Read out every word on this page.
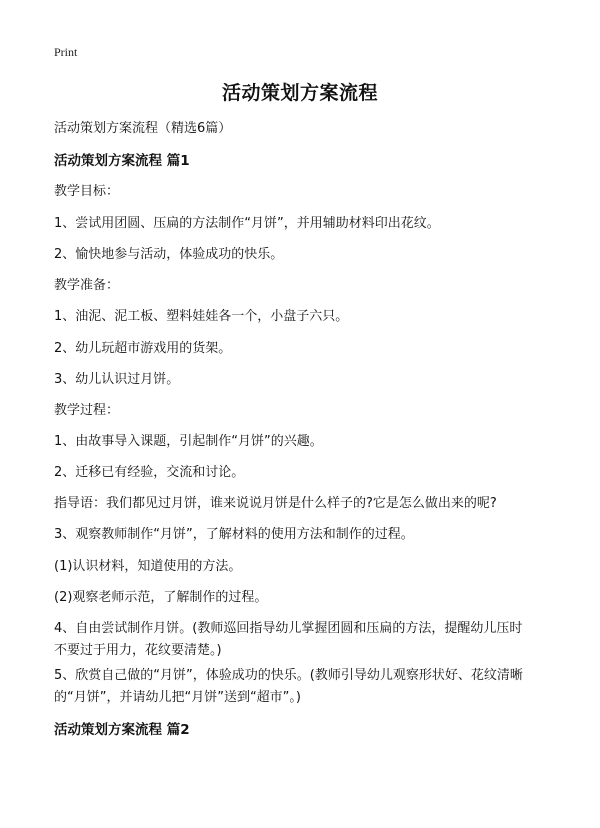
Print
活动策划方案流程
活动策划方案流程（精选6篇）
活动策划方案流程 篇1
教学目标：
1、尝试用团圆、压扁的方法制作“月饼”，并用辅助材料印出花纹。
2、愉快地参与活动，体验成功的快乐。
教学准备：
1、油泥、泥工板、塑料娃娃各一个，小盘子六只。
2、幼儿玩超市游戏用的货架。
3、幼儿认识过月饼。
教学过程：
1、由故事导入课题，引起制作“月饼”的兴趣。
2、迁移已有经验，交流和讨论。
指导语：我们都见过月饼，谁来说说月饼是什么样子的?它是怎么做出来的呢?
3、观察教师制作“月饼”，了解材料的使用方法和制作的过程。
(1)认识材料，知道使用的方法。
(2)观察老师示范，了解制作的过程。
4、自由尝试制作月饼。(教师巡回指导幼儿掌握团圆和压扁的方法，提醒幼儿压时
不要过于用力，花纹要清楚。)
5、欣赏自己做的“月饼”，体验成功的快乐。(教师引导幼儿观察形状好、花纹清晰
的“月饼”，并请幼儿把“月饼”送到“超市”。)
活动策划方案流程 篇2
